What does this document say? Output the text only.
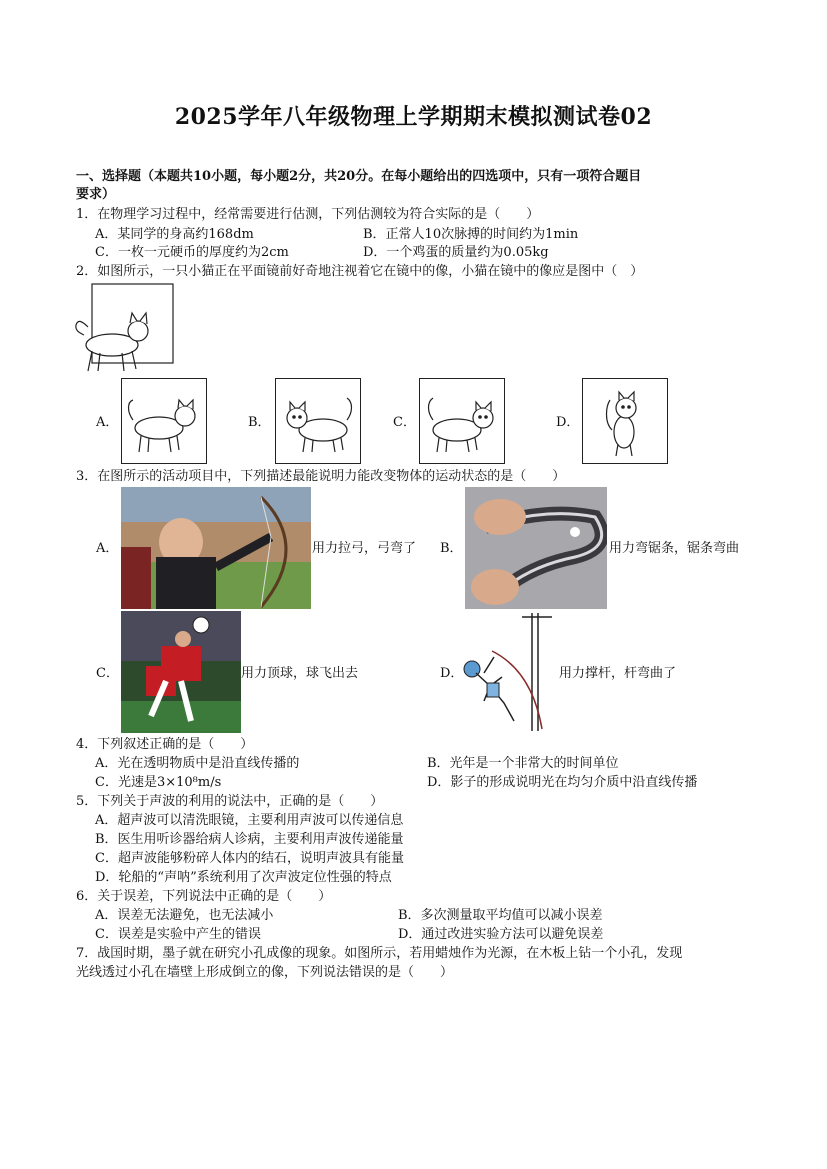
2025学年八年级物理上学期期末模拟测试卷02
一、选择题（本题共10小题，每小题2分，共20分。在每小题给出的四选项中，只有一项符合题目
要求）
1．在物理学习过程中，经常需要进行估测，下列估测较为符合实际的是（　　）
A．某同学的身高约168dm	B．正常人10次脉搏的时间约为1min
C．一枚一元硬币的厚度约为2cm	D．一个鸡蛋的质量约为0.05kg
2．如图所示，一只小猫正在平面镜前好奇地注视着它在镜中的像，小猫在镜中的像应是图中（　）
A．	B．	C．	D．
3．在图所示的活动项目中，下列描述最能说明力能改变物体的运动状态的是（　　）
A．	用力拉弓，弓弯了 B．	用力弯锯条，锯条弯曲
C．	用力顶球，球飞出去	D．	用力撑杆，杆弯曲了
4．下列叙述正确的是（　　）
A．光在透明物质中是沿直线传播的	B．光年是一个非常大的时间单位
C．光速是3×10⁸m/s	D．影子的形成说明光在均匀介质中沿直线传播
5．下列关于声波的利用的说法中，正确的是（　　）
A．超声波可以清洗眼镜，主要利用声波可以传递信息
B．医生用听诊器给病人诊病，主要利用声波传递能量
C．超声波能够粉碎人体内的结石，说明声波具有能量
D．轮船的“声呐”系统利用了次声波定位性强的特点
6．关于误差，下列说法中正确的是（　　）
A．误差无法避免，也无法减小	B．多次测量取平均值可以减小误差
C．误差是实验中产生的错误	D．通过改进实验方法可以避免误差
7．战国时期，墨子就在研究小孔成像的现象。如图所示，若用蜡烛作为光源，在木板上钻一个小孔，发现
光线透过小孔在墙壁上形成倒立的像，下列说法错误的是（　　）
